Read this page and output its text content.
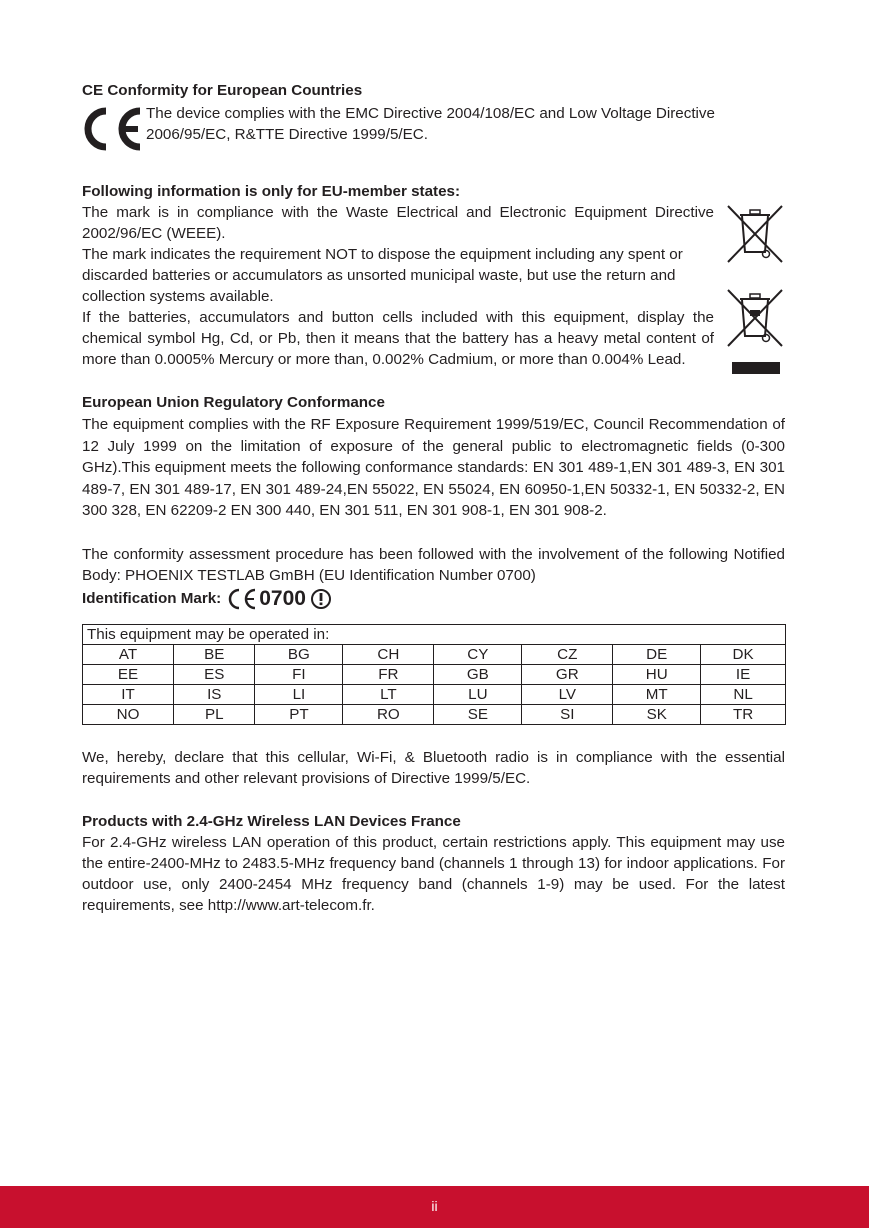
CE Conformity for European Countries

The device complies with the EMC Directive 2004/108/EC and Low Voltage Directive 2006/95/EC, R&TTE Directive 1999/5/EC.

Following information is only for EU-member states:

The mark is in compliance with the Waste Electrical and Electronic Equipment Directive 2002/96/EC (WEEE).

The mark indicates the requirement NOT to dispose the equipment including any spent or discarded batteries or accumulators as unsorted municipal waste, but use the return and collection systems available.

If the batteries, accumulators and button cells included with this equipment, display the chemical symbol Hg, Cd, or Pb, then it means that the battery has a heavy metal content of more than 0.0005% Mercury or more than, 0.002% Cadmium, or more than 0.004% Lead.

European Union Regulatory Conformance

The equipment complies with the RF Exposure Requirement 1999/519/EC, Council Recommendation of 12 July 1999 on the limitation of exposure of the general public to electromagnetic fields (0-300 GHz).This equipment meets the following conformance standards: EN 301 489-1,EN 301 489-3, EN 301 489-7, EN 301 489-17, EN 301 489-24,EN 55022, EN 55024, EN 60950-1,EN 50332-1, EN 50332-2, EN 300 328, EN 62209-2 EN 300 440, EN 301 511, EN 301 908-1, EN 301 908-2.

The conformity assessment procedure has been followed with the involvement of the following Notified Body: PHOENIX TESTLAB GmBH (EU Identification Number 0700)

Identification Mark: 0700
This equipment may be operated in:							
AT	BE	BG	CH	CY	CZ	DE	DK
EE	ES	FI	FR	GB	GR	HU	IE
IT	IS	LI	LT	LU	LV	MT	NL
NO	PL	PT	RO	SE	SI	SK	TR

We, hereby, declare that this cellular, Wi-Fi, & Bluetooth radio is in compliance with the essential requirements and other relevant provisions of Directive 1999/5/EC.

Products with 2.4-GHz Wireless LAN Devices France

For 2.4-GHz wireless LAN operation of this product, certain restrictions apply. This equipment may use the entire-2400-MHz to 2483.5-MHz frequency band (channels 1 through 13) for indoor applications. For outdoor use, only 2400-2454 MHz frequency band (channels 1-9) may be used. For the latest requirements, see http://www.art-telecom.fr.

ii
